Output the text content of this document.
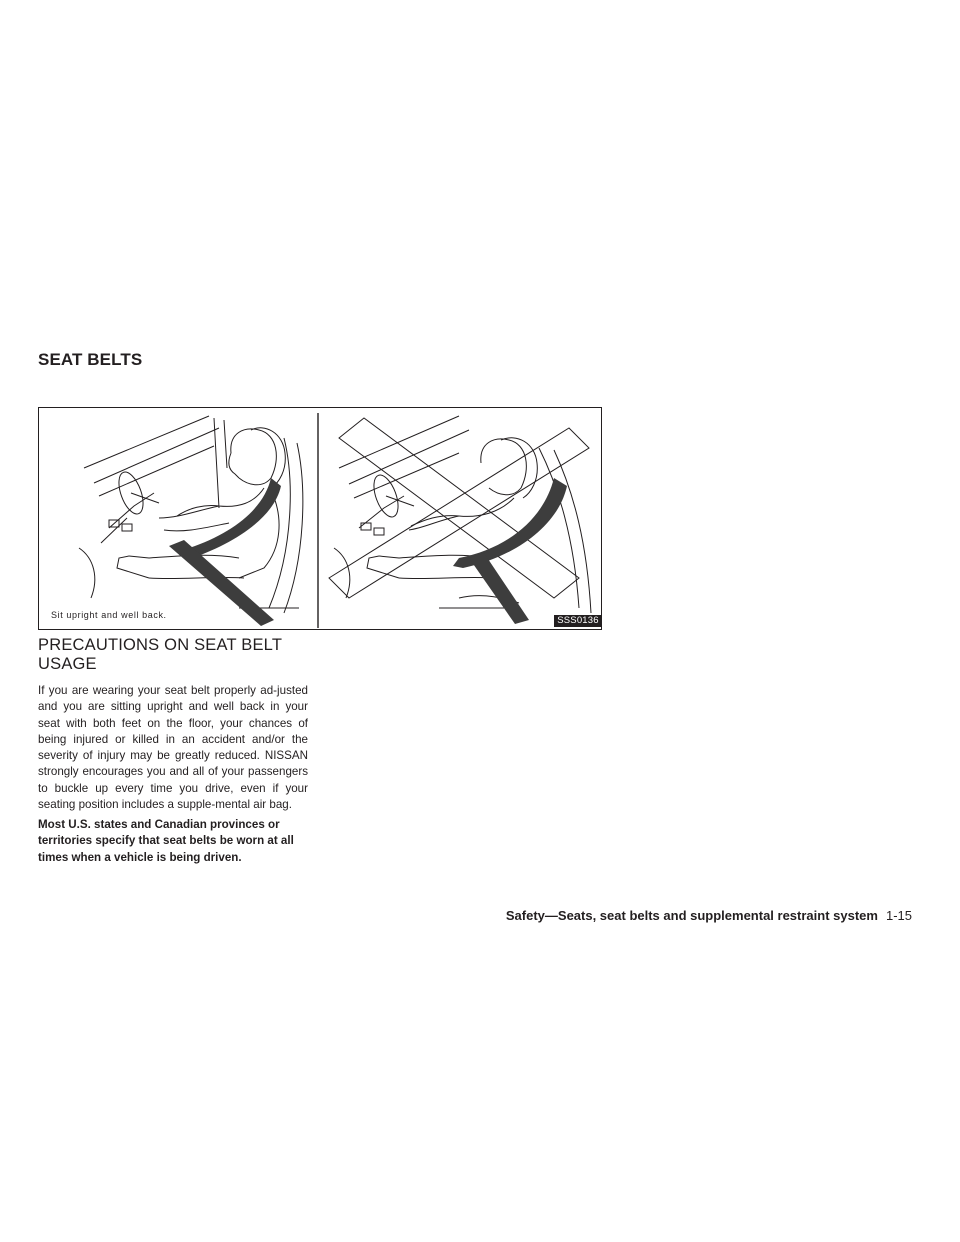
SEAT BELTS
Sit upright and well back.	SSS0136
PRECAUTIONS ON SEAT BELT USAGE

If you are wearing your seat belt properly ad-justed and you are sitting upright and well back in your seat with both feet on the floor, your chances of being injured or killed in an accident and/or the severity of injury may be greatly reduced. NISSAN strongly encourages you and all of your passengers to buckle up every time you drive, even if your seating position includes a supple-mental air bag.

Most U.S. states and Canadian provinces or territories specify that seat belts be worn at all times when a vehicle is being driven.

Safety—Seats, seat belts and supplemental restraint system 1-15
